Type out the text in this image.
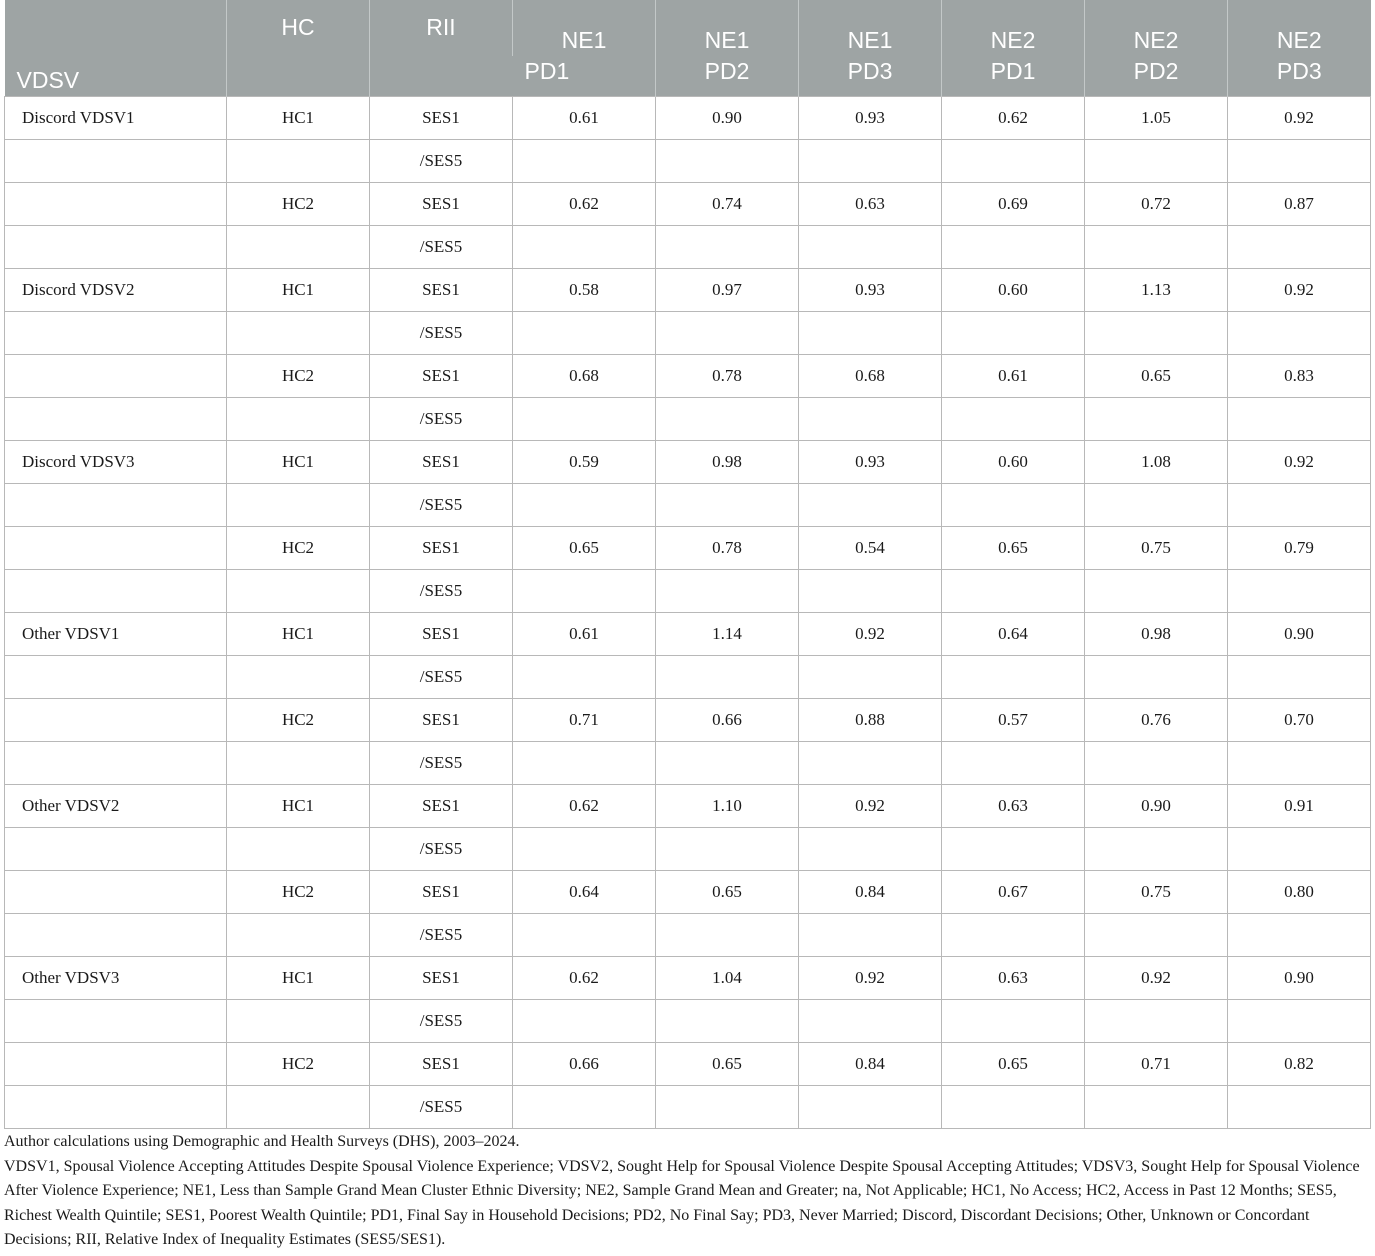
VDSV	HC	RII	NE1	NE1	NE1	NE2	NE2	NE2
			PD1	PD2	PD3	PD1	PD2	PD3
Discord VDSV1	HC1	SES1	0.61	0.90	0.93	0.62	1.05	0.92
		/SES5						
	HC2	SES1	0.62	0.74	0.63	0.69	0.72	0.87
		/SES5						
Discord VDSV2	HC1	SES1	0.58	0.97	0.93	0.60	1.13	0.92
		/SES5						
	HC2	SES1	0.68	0.78	0.68	0.61	0.65	0.83
		/SES5						
Discord VDSV3	HC1	SES1	0.59	0.98	0.93	0.60	1.08	0.92
		/SES5						
	HC2	SES1	0.65	0.78	0.54	0.65	0.75	0.79
		/SES5						
Other VDSV1	HC1	SES1	0.61	1.14	0.92	0.64	0.98	0.90
		/SES5						
	HC2	SES1	0.71	0.66	0.88	0.57	0.76	0.70
		/SES5						
Other VDSV2	HC1	SES1	0.62	1.10	0.92	0.63	0.90	0.91
		/SES5						
	HC2	SES1	0.64	0.65	0.84	0.67	0.75	0.80
		/SES5						
Other VDSV3	HC1	SES1	0.62	1.04	0.92	0.63	0.92	0.90
		/SES5						
	HC2	SES1	0.66	0.65	0.84	0.65	0.71	0.82
		/SES5						

Author calculations using Demographic and Health Surveys (DHS), 2003–2024.

VDSV1, Spousal Violence Accepting Attitudes Despite Spousal Violence Experience; VDSV2, Sought Help for Spousal Violence Despite Spousal Accepting Attitudes; VDSV3, Sought Help for Spousal Violence After Violence Experience; NE1, Less than Sample Grand Mean Cluster Ethnic Diversity; NE2, Sample Grand Mean and Greater; na, Not Applicable; HC1, No Access; HC2, Access in Past 12 Months; SES5, Richest Wealth Quintile; SES1, Poorest Wealth Quintile; PD1, Final Say in Household Decisions; PD2, No Final Say; PD3, Never Married; Discord, Discordant Decisions; Other, Unknown or Concordant Decisions; RII, Relative Index of Inequality Estimates (SES5/SES1).
